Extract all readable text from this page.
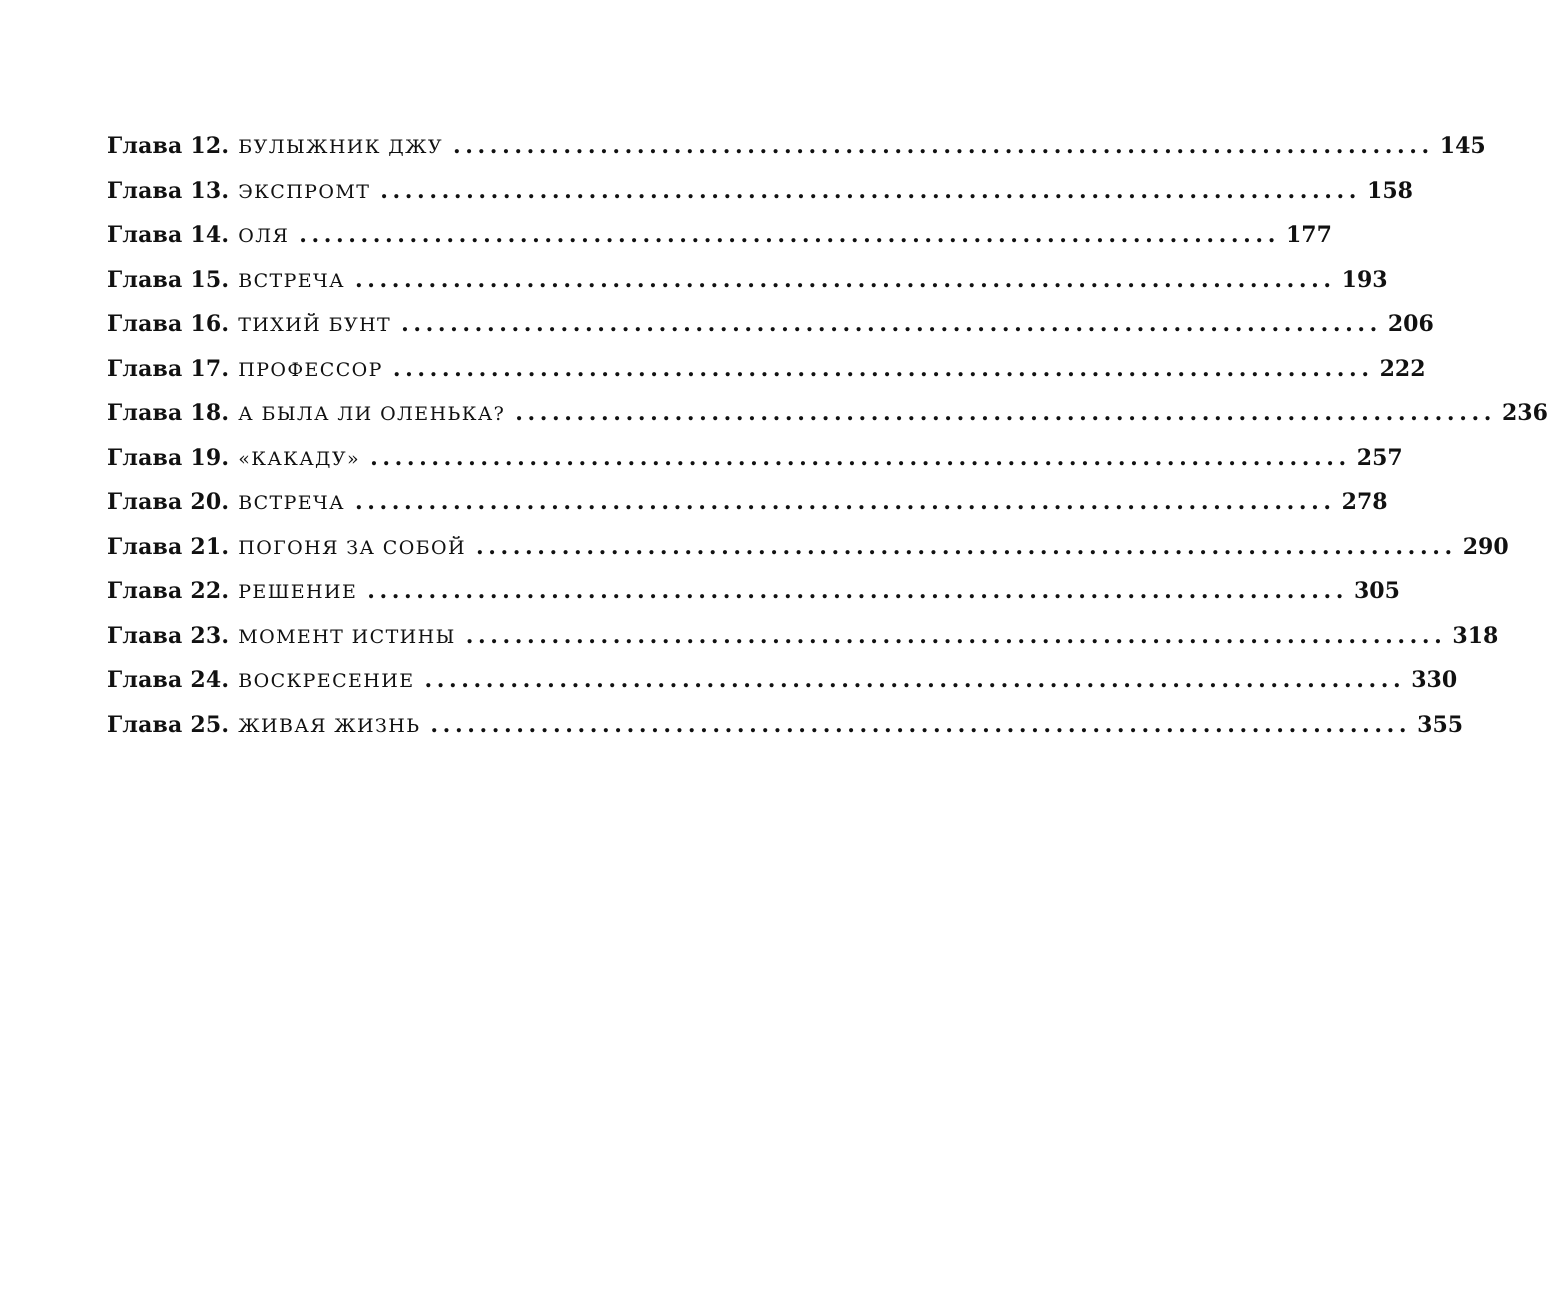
Глава 12. БУЛЫЖНИК ДЖУ ................................................................................ 145
Глава 13. ЭКСПРОМТ ................................................................................ 158
Глава 14. ОЛЯ ................................................................................ 177
Глава 15. ВСТРЕЧА ................................................................................ 193
Глава 16. ТИХИЙ БУНТ ................................................................................ 206
Глава 17. ПРОФЕССОР ................................................................................ 222
Глава 18. А БЫЛА ЛИ ОЛЕНЬКА? ................................................................................ 236
Глава 19. «КАКАДУ» ................................................................................ 257
Глава 20. ВСТРЕЧА ................................................................................ 278
Глава 21. ПОГОНЯ ЗА СОБОЙ ................................................................................ 290
Глава 22. РЕШЕНИЕ ................................................................................ 305
Глава 23. МОМЕНТ ИСТИНЫ ................................................................................ 318
Глава 24. ВОСКРЕСЕНИЕ ................................................................................ 330
Глава 25. ЖИВАЯ ЖИЗНЬ ................................................................................ 355
